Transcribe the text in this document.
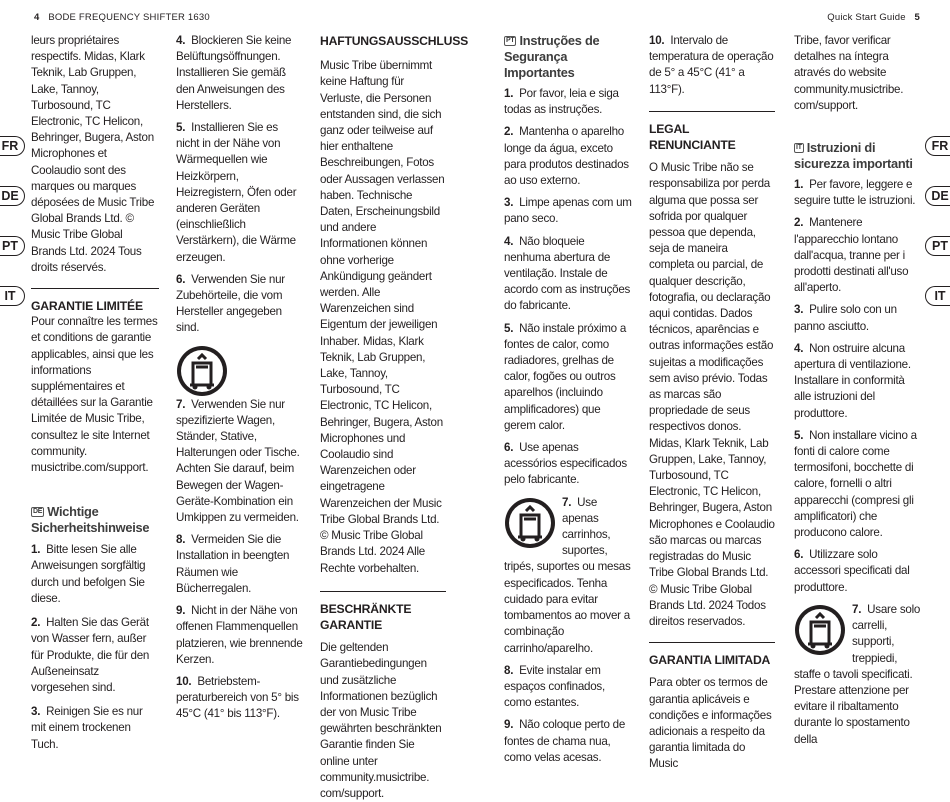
4 BODE FREQUENCY SHIFTER 1630	Quick Start Guide 5
FR
DE
PT
IT
FR
DE
PT
IT

leurs propriétaires respectifs. Midas, Klark Teknik, Lab Gruppen, Lake, Tannoy, Turbosound, TC Electronic, TC Helicon, Behringer, Bugera, Aston Microphones et Coolaudio sont des marques ou marques déposées de Music Tribe Global Brands Ltd. © Music Tribe Global Brands Ltd. 2024 Tous droits réservés.

GARANTIE LIMITÉE

Pour connaître les termes et conditions de garantie applicables, ainsi que les informations supplémentaires et détaillées sur la Garantie Limitée de Music Tribe, consultez le site Internet community. musictribe.com/support.

DE Wichtige Sicherheitshinweise

1. Bitte lesen Sie alle Anweisungen sorgfältig durch und befolgen Sie diese.
2. Halten Sie das Gerät von Wasser fern, außer für Produkte, die für den Außeneinsatz vorgesehen sind.
3. Reinigen Sie es nur mit einem trockenen Tuch.
4. Blockieren Sie keine Belüftungsöffnungen. Installieren Sie gemäß den Anweisungen des Herstellers.
5. Installieren Sie es nicht in der Nähe von Wärmequellen wie Heizkörpern, Heizregistern, Öfen oder anderen Geräten (einschließlich Verstärkern), die Wärme erzeugen.
6. Verwenden Sie nur Zubehörteile, die vom Hersteller angegeben sind.
7. Verwenden Sie nur spezifizierte Wagen, Ständer, Stative, Halterungen oder Tische. Achten Sie darauf, beim Bewegen der Wagen-Geräte-Kombination ein Umkippen zu vermeiden.
8. Vermeiden Sie die Installation in beengten Räumen wie Bücherregalen.
9. Nicht in der Nähe von offenen Flammenquellen platzieren, wie brennende Kerzen.
10. Betriebstem-peraturbereich von 5° bis 45°C (41° bis 113°F).

HAFTUNGSAUSSCHLUSS

Music Tribe übernimmt keine Haftung für Verluste, die Personen entstanden sind, die sich ganz oder teilweise auf hier enthaltene Beschreibungen, Fotos oder Aussagen verlassen haben. Technische Daten, Erscheinungsbild und andere Informationen können ohne vorherige Ankündigung geändert werden. Alle Warenzeichen sind Eigentum der jeweiligen Inhaber. Midas, Klark Teknik, Lab Gruppen, Lake, Tannoy, Turbosound, TC Electronic, TC Helicon, Behringer, Bugera, Aston Microphones und Coolaudio sind Warenzeichen oder eingetragene Warenzeichen der Music Tribe Global Brands Ltd. © Music Tribe Global Brands Ltd. 2024 Alle Rechte vorbehalten.

BESCHRÄNKTE GARANTIE

Die geltenden Garantiebedingungen und zusätzliche Informationen bezüglich der von Music Tribe gewährten beschränkten Garantie finden Sie online unter community.musictribe. com/support.

PT Instruções de Segurança Importantes

1. Por favor, leia e siga todas as instruções.
2. Mantenha o aparelho longe da água, exceto para produtos destinados ao uso externo.
3. Limpe apenas com um pano seco.
4. Não bloqueie nenhuma abertura de ventilação. Instale de acordo com as instruções do fabricante.
5. Não instale próximo a fontes de calor, como radiadores, grelhas de calor, fogões ou outros aparelhos (incluindo amplificadores) que gerem calor.
6. Use apenas acessórios especificados pelo fabricante.
7. Use apenas carrinhos, suportes, tripés, suportes ou mesas especificados. Tenha cuidado para evitar tombamentos ao mover a combinação carrinho/aparelho.
8. Evite instalar em espaços confinados, como estantes.
9. Não coloque perto de fontes de chama nua, como velas acesas.
10. Intervalo de temperatura de operação de 5° a 45°C (41° a 113°F).

LEGAL RENUNCIANTE

O Music Tribe não se responsabiliza por perda alguma que possa ser sofrida por qualquer pessoa que dependa, seja de maneira completa ou parcial, de qualquer descrição, fotografia, ou declaração aqui contidas. Dados técnicos, aparências e outras informações estão sujeitas a modificações sem aviso prévio. Todas as marcas são propriedade de seus respectivos donos. Midas, Klark Teknik, Lab Gruppen, Lake, Tannoy, Turbosound, TC Electronic, TC Helicon, Behringer, Bugera, Aston Microphones e Coolaudio são marcas ou marcas registradas do Music Tribe Global Brands Ltd. © Music Tribe Global Brands Ltd. 2024 Todos direitos reservados.

GARANTIA LIMITADA

Para obter os termos de garantia aplicáveis e condições e informações adicionais a respeito da garantia limitada do Music

Tribe, favor verificar detalhes na íntegra através do website community.musictribe. com/support.

IT Istruzioni di sicurezza importanti

1. Per favore, leggere e seguire tutte le istruzioni.
2. Mantenere l'apparecchio lontano dall'acqua, tranne per i prodotti destinati all'uso all'aperto.
3. Pulire solo con un panno asciutto.
4. Non ostruire alcuna apertura di ventilazione. Installare in conformità alle istruzioni del produttore.
5. Non installare vicino a fonti di calore come termosifoni, bocchette di calore, fornelli o altri apparecchi (compresi gli amplificatori) che producono calore.
6. Utilizzare solo accessori specificati dal produttore.
7. Usare solo carrelli, supporti, treppiedi, staffe o tavoli specificati. Prestare attenzione per evitare il ribaltamento durante lo spostamento della
